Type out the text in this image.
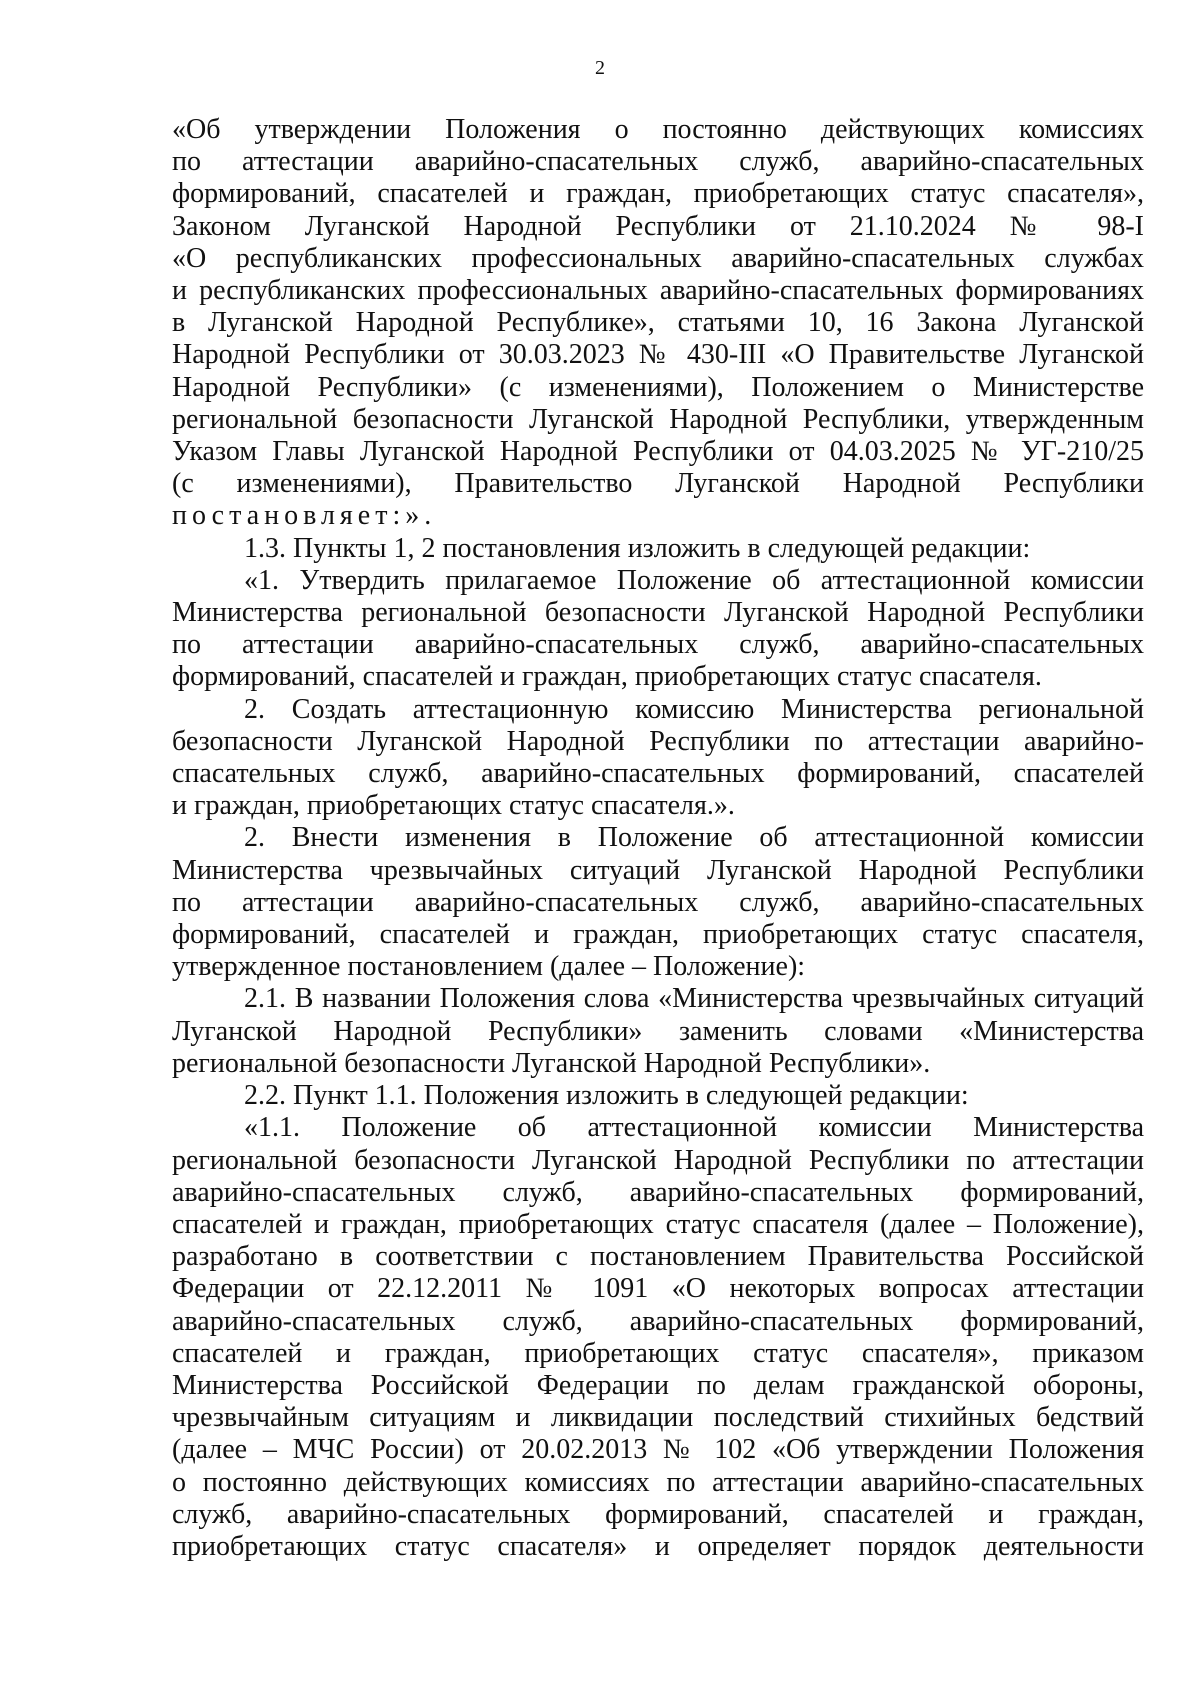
2
«Об утверждении Положения о постоянно действующих комиссиях
по аттестации аварийно-спасательных служб, аварийно-спасательных
формирований, спасателей и граждан, приобретающих статус спасателя»,
Законом Луганской Народной Республики от 21.10.2024 № 98-I
«О республиканских профессиональных аварийно-спасательных службах
и республиканских профессиональных аварийно-спасательных формированиях
в Луганской Народной Республике», статьями 10, 16 Закона Луганской
Народной Республики от 30.03.2023 № 430-III «О Правительстве Луганской
Народной Республики» (с изменениями), Положением о Министерстве
региональной безопасности Луганской Народной Республики, утвержденным
Указом Главы Луганской Народной Республики от 04.03.2025 № УГ-210/25
(с изменениями), Правительство Луганской Народной Республики
постановляет:».
1.3. Пункты 1, 2 постановления изложить в следующей редакции:
«1. Утвердить прилагаемое Положение об аттестационной комиссии
Министерства региональной безопасности Луганской Народной Республики
по аттестации аварийно-спасательных служб, аварийно-спасательных
формирований, спасателей и граждан, приобретающих статус спасателя.
2. Создать аттестационную комиссию Министерства региональной
безопасности Луганской Народной Республики по аттестации аварийно-
спасательных служб, аварийно-спасательных формирований, спасателей
и граждан, приобретающих статус спасателя.».
2. Внести изменения в Положение об аттестационной комиссии
Министерства чрезвычайных ситуаций Луганской Народной Республики
по аттестации аварийно-спасательных служб, аварийно-спасательных
формирований, спасателей и граждан, приобретающих статус спасателя,
утвержденное постановлением (далее – Положение):
2.1. В названии Положения слова «Министерства чрезвычайных ситуаций
Луганской Народной Республики» заменить словами «Министерства
региональной безопасности Луганской Народной Республики».
2.2. Пункт 1.1. Положения изложить в следующей редакции:
«1.1. Положение об аттестационной комиссии Министерства
региональной безопасности Луганской Народной Республики по аттестации
аварийно-спасательных служб, аварийно-спасательных формирований,
спасателей и граждан, приобретающих статус спасателя (далее – Положение),
разработано в соответствии с постановлением Правительства Российской
Федерации от 22.12.2011 № 1091 «О некоторых вопросах аттестации
аварийно-спасательных служб, аварийно-спасательных формирований,
спасателей и граждан, приобретающих статус спасателя», приказом
Министерства Российской Федерации по делам гражданской обороны,
чрезвычайным ситуациям и ликвидации последствий стихийных бедствий
(далее – МЧС России) от 20.02.2013 № 102 «Об утверждении Положения
о постоянно действующих комиссиях по аттестации аварийно-спасательных
служб, аварийно-спасательных формирований, спасателей и граждан,
приобретающих статус спасателя» и определяет порядок деятельности
